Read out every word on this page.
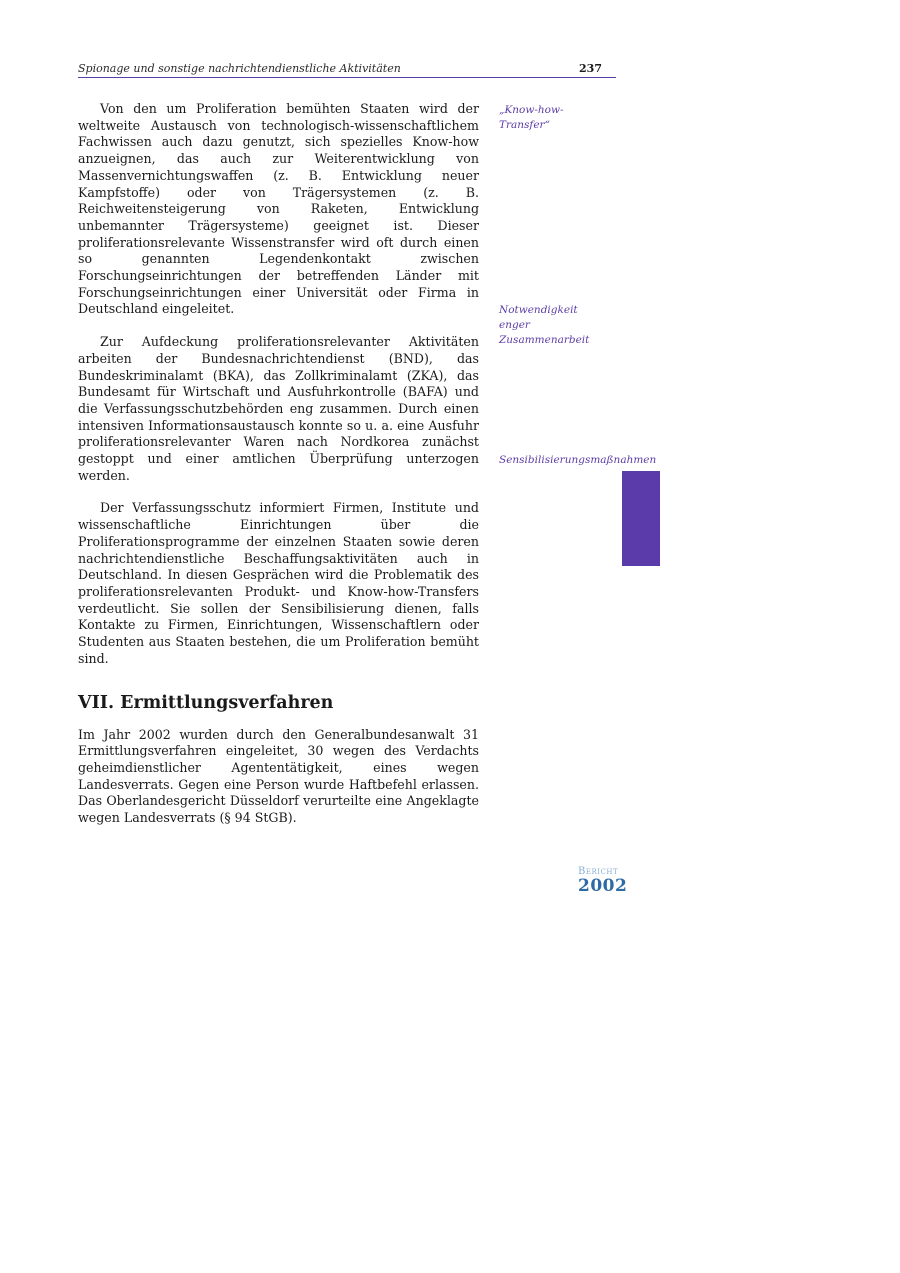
Spionage und sonstige nachrichtendienstliche Aktivitäten	237

Von den um Proliferation bemühten Staaten wird der weltweite Austausch von technologisch-wissenschaftlichem Fachwissen auch dazu genutzt, sich spezielles Know-how anzueignen, das auch zur Weiterentwicklung von Massenvernichtungswaffen (z. B. Entwicklung neuer Kampfstoffe) oder von Trägersystemen (z. B. Reichweitensteigerung von Raketen, Entwicklung unbemannter Trägersysteme) geeignet ist. Dieser proliferationsrelevante Wissenstransfer wird oft durch einen so genannten Legendenkontakt zwischen Forschungseinrichtungen der betreffenden Länder mit Forschungseinrichtungen einer Universität oder Firma in Deutschland eingeleitet.

Zur Aufdeckung proliferationsrelevanter Aktivitäten arbeiten der Bundesnachrichtendienst (BND), das Bundeskriminalamt (BKA), das Zollkriminalamt (ZKA), das Bundesamt für Wirtschaft und Ausfuhrkontrolle (BAFA) und die Verfassungsschutzbehörden eng zusammen. Durch einen intensiven Informationsaustausch konnte so u. a. eine Ausfuhr proliferationsrelevanter Waren nach Nordkorea zunächst gestoppt und einer amtlichen Überprüfung unterzogen werden.

Der Verfassungsschutz informiert Firmen, Institute und wissenschaftliche Einrichtungen über die Proliferationsprogramme der einzelnen Staaten sowie deren nachrichtendienstliche Beschaffungsaktivitäten auch in Deutschland. In diesen Gesprächen wird die Problematik des proliferationsrelevanten Produkt- und Know-how-Transfers verdeutlicht. Sie sollen der Sensibilisierung dienen, falls Kontakte zu Firmen, Einrichtungen, Wissenschaftlern oder Studenten aus Staaten bestehen, die um Proliferation bemüht sind.

VII. Ermittlungsverfahren

Im Jahr 2002 wurden durch den Generalbundesanwalt 31 Ermittlungsverfahren eingeleitet, 30 wegen des Verdachts geheimdienstlicher Agententätigkeit, eines wegen Landesverrats. Gegen eine Person wurde Haftbefehl erlassen. Das Oberlandesgericht Düsseldorf verurteilte eine Angeklagte wegen Landesverrats (§ 94 StGB).

„Know-how-Transfer“
Notwendigkeit enger Zusammenarbeit
Sensibilisierungsmaßnahmen
Bericht
2002
